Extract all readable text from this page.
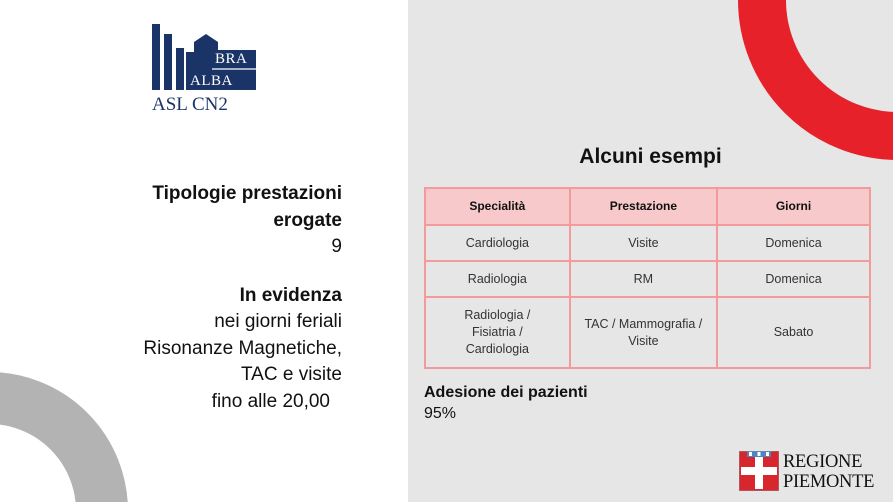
BRA
ALBA
ASL CN2
Tipologie prestazioni
erogate
9
In evidenza
nei giorni feriali
Risonanze Magnetiche,
TAC e visite
fino alle 20,00
Alcuni esempi
Specialità	Prestazione	Giorni
Cardiologia	Visite	Domenica
Radiologia	RM	Domenica
Radiologia / Fisiatria / Cardiologia	TAC / Mammografia / Visite	Sabato
Adesione dei pazienti
95%
REGIONE
PIEMONTE
